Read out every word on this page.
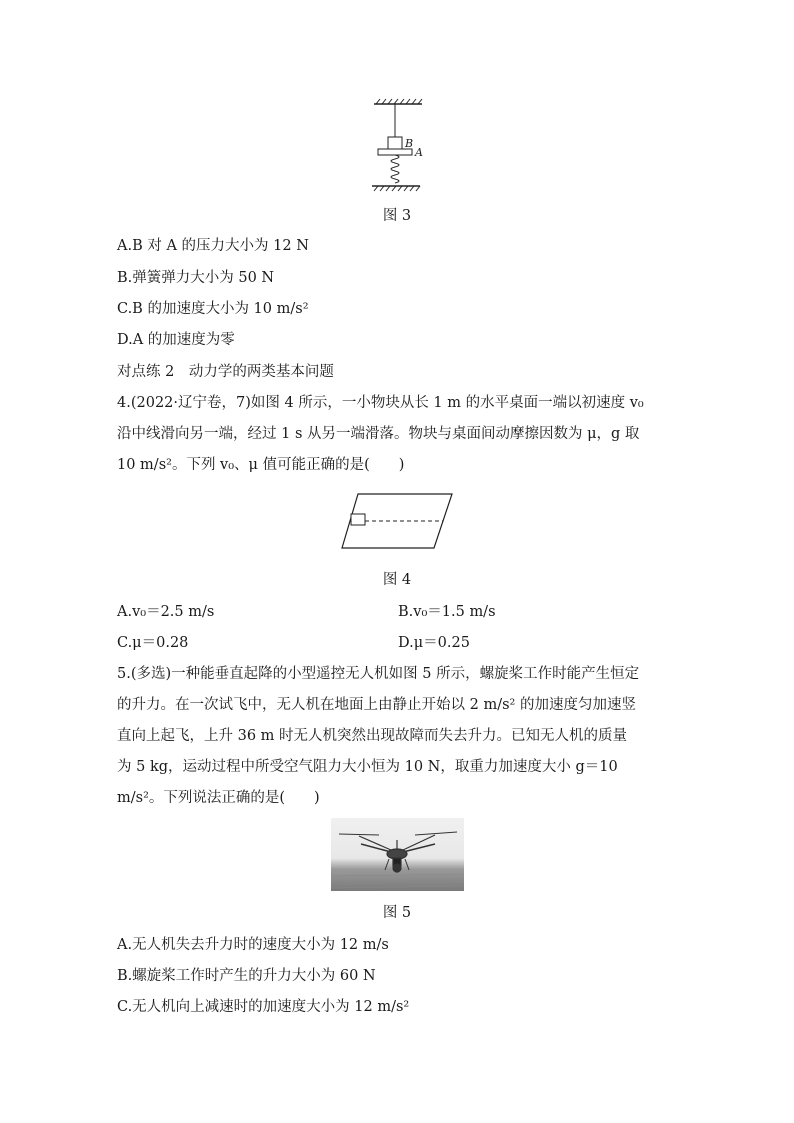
B
A
图 3
A.B 对 A 的压力大小为 12 N
B.弹簧弹力大小为 50 N
C.B 的加速度大小为 10 m/s²
D.A 的加速度为零
对点练 2　动力学的两类基本问题
4.(2022·辽宁卷，7)如图 4 所示，一小物块从长 1 m 的水平桌面一端以初速度 v₀
沿中线滑向另一端，经过 1 s 从另一端滑落。物块与桌面间动摩擦因数为 μ，g 取
10 m/s²。下列 v₀、μ 值可能正确的是(　　)
图 4
A.v₀＝2.5 m/s	B.v₀＝1.5 m/s
C.μ＝0.28	D.μ＝0.25
5.(多选)一种能垂直起降的小型遥控无人机如图 5 所示，螺旋桨工作时能产生恒定
的升力。在一次试飞中，无人机在地面上由静止开始以 2 m/s² 的加速度匀加速竖
直向上起飞，上升 36 m 时无人机突然出现故障而失去升力。已知无人机的质量
为 5 kg，运动过程中所受空气阻力大小恒为 10 N，取重力加速度大小 g＝10
m/s²。下列说法正确的是(　　)
图 5
A.无人机失去升力时的速度大小为 12 m/s
B.螺旋桨工作时产生的升力大小为 60 N
C.无人机向上减速时的加速度大小为 12 m/s²
